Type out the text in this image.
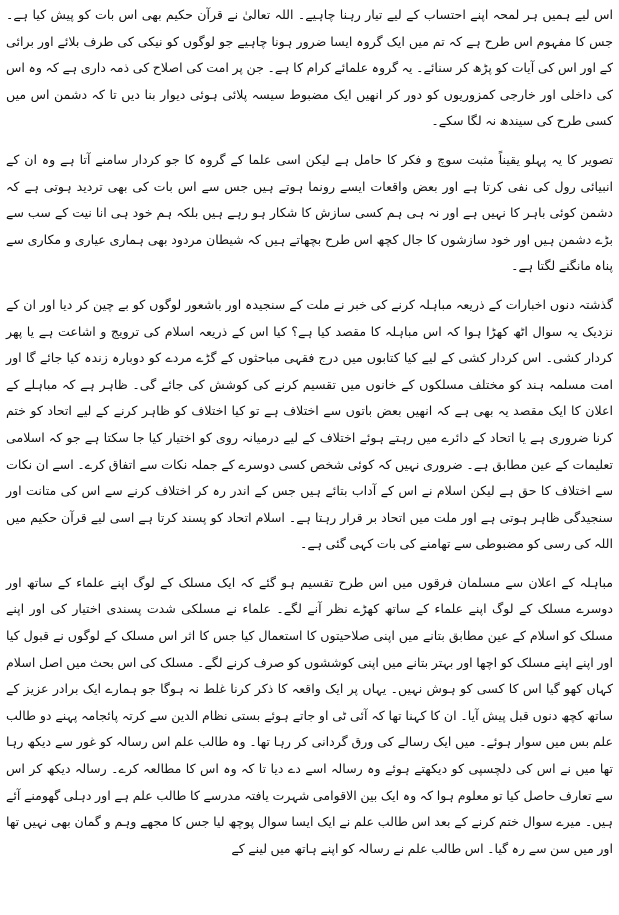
اس لیے ہمیں ہر لمحہ اپنے احتساب کے لیے تیار رہنا چاہیے۔ اللہ تعالیٰ نے قرآن حکیم بھی اس بات کو پیش کیا ہے۔ جس کا مفہوم اس طرح ہے کہ تم میں ایک گروہ ایسا ضرور ہونا چاہیے جو لوگوں کو نیکی کی طرف بلائے اور برائی کے اور اس کی آیات کو پڑھ کر سنائے۔ یہ گروہ علمائے کرام کا ہے۔ جن پر امت کی اصلاح کی ذمہ داری ہے کہ وہ اس کی داخلی اور خارجی کمزوریوں کو دور کر انھیں ایک مضبوط سیسہ پلائی ہوئی دیوار بنا دیں تا کہ دشمن اس میں کسی طرح کی سیندھ نہ لگا سکے۔

تصویر کا یہ پہلو یقیناً مثبت سوچ و فکر کا حامل ہے لیکن اسی علما کے گروہ کا جو کردار سامنے آتا ہے وہ ان کے انبیائی رول کی نفی کرتا ہے اور بعض واقعات ایسے رونما ہوتے ہیں جس سے اس بات کی بھی تردید ہوتی ہے کہ دشمن کوئی باہر کا نہیں ہے اور نہ ہی ہم کسی سازش کا شکار ہو رہے ہیں بلکہ ہم خود ہی انا نیت کے سب سے بڑے دشمن ہیں اور خود سازشوں کا جال کچھ اس طرح بچھاتے ہیں کہ شیطان مردود بھی ہماری عیاری و مکاری سے پناہ مانگنے لگتا ہے۔

گذشتہ دنوں اخبارات کے ذریعہ مباہلہ کرنے کی خبر نے ملت کے سنجیدہ اور باشعور لوگوں کو بے چین کر دیا اور ان کے نزدیک یہ سوال اٹھ کھڑا ہوا کہ اس مباہلہ کا مقصد کیا ہے؟ کیا اس کے ذریعہ اسلام کی ترویج و اشاعت ہے یا پھر کردار کشی۔ اس کردار کشی کے لیے کیا کتابوں میں درج فقہی مباحثوں کے گڑے مردے کو دوبارہ زندہ کیا جائے گا اور امت مسلمہ ہند کو مختلف مسلکوں کے خانوں میں تقسیم کرنے کی کوشش کی جائے گی۔ ظاہر ہے کہ مباہلے کے اعلان کا ایک مقصد یہ بھی ہے کہ انھیں بعض باتوں سے اختلاف ہے تو کیا اختلاف کو ظاہر کرنے کے لیے اتحاد کو ختم کرنا ضروری ہے یا اتحاد کے دائرے میں رہتے ہوئے اختلاف کے لیے درمیانہ روی کو اختیار کیا جا سکتا ہے جو کہ اسلامی تعلیمات کے عین مطابق ہے۔ ضروری نہیں کہ کوئی شخص کسی دوسرے کے جملہ نکات سے اتفاق کرے۔ اسے ان نکات سے اختلاف کا حق ہے لیکن اسلام نے اس کے آداب بتائے ہیں جس کے اندر رہ کر اختلاف کرنے سے اس کی متانت اور سنجیدگی ظاہر ہوتی ہے اور ملت میں اتحاد بر قرار رہتا ہے۔ اسلام اتحاد کو پسند کرتا ہے اسی لیے قرآن حکیم میں اللہ کی رسی کو مضبوطی سے تھامنے کی بات کہی گئی ہے۔

مباہلہ کے اعلان سے مسلمان فرقوں میں اس طرح تقسیم ہو گئے کہ ایک مسلک کے لوگ اپنے علماء کے ساتھ اور دوسرے مسلک کے لوگ اپنے علماء کے ساتھ کھڑے نظر آنے لگے۔ علماء نے مسلکی شدت پسندی اختیار کی اور اپنے مسلک کو اسلام کے عین مطابق بتانے میں اپنی صلاحیتوں کا استعمال کیا جس کا اثر اس مسلک کے لوگوں نے قبول کیا اور اپنے اپنے مسلک کو اچھا اور بہتر بتانے میں اپنی کوششوں کو صرف کرنے لگے۔ مسلک کی اس بحث میں اصل اسلام کہاں کھو گیا اس کا کسی کو ہوش نہیں۔ یہاں پر ایک واقعہ کا ذکر کرنا غلط نہ ہوگا جو ہمارے ایک برادر عزیز کے ساتھ کچھ دنوں قبل پیش آیا۔ ان کا کہنا تھا کہ آئی ٹی او جاتے ہوئے بستی نظام الدین سے کرتہ پائجامہ پہنے دو طالب علم بس میں سوار ہوئے۔ میں ایک رسالے کی ورق گردانی کر رہا تھا۔ وہ طالب علم اس رسالہ کو غور سے دیکھ رہا تھا میں نے اس کی دلچسپی کو دیکھتے ہوئے وہ رسالہ اسے دے دیا تا کہ وہ اس کا مطالعہ کرے۔ رسالہ دیکھ کر اس سے تعارف حاصل کیا تو معلوم ہوا کہ وہ ایک بین الاقوامی شہرت یافتہ مدرسے کا طالب علم ہے اور دہلی گھومنے آئے ہیں۔ میرے سوال ختم کرنے کے بعد اس طالب علم نے ایک ایسا سوال پوچھ لیا جس کا مجھے وہم و گمان بھی نہیں تھا اور میں سن سے رہ گیا۔ اس طالب علم نے رسالہ کو اپنے ہاتھ میں لینے کے
